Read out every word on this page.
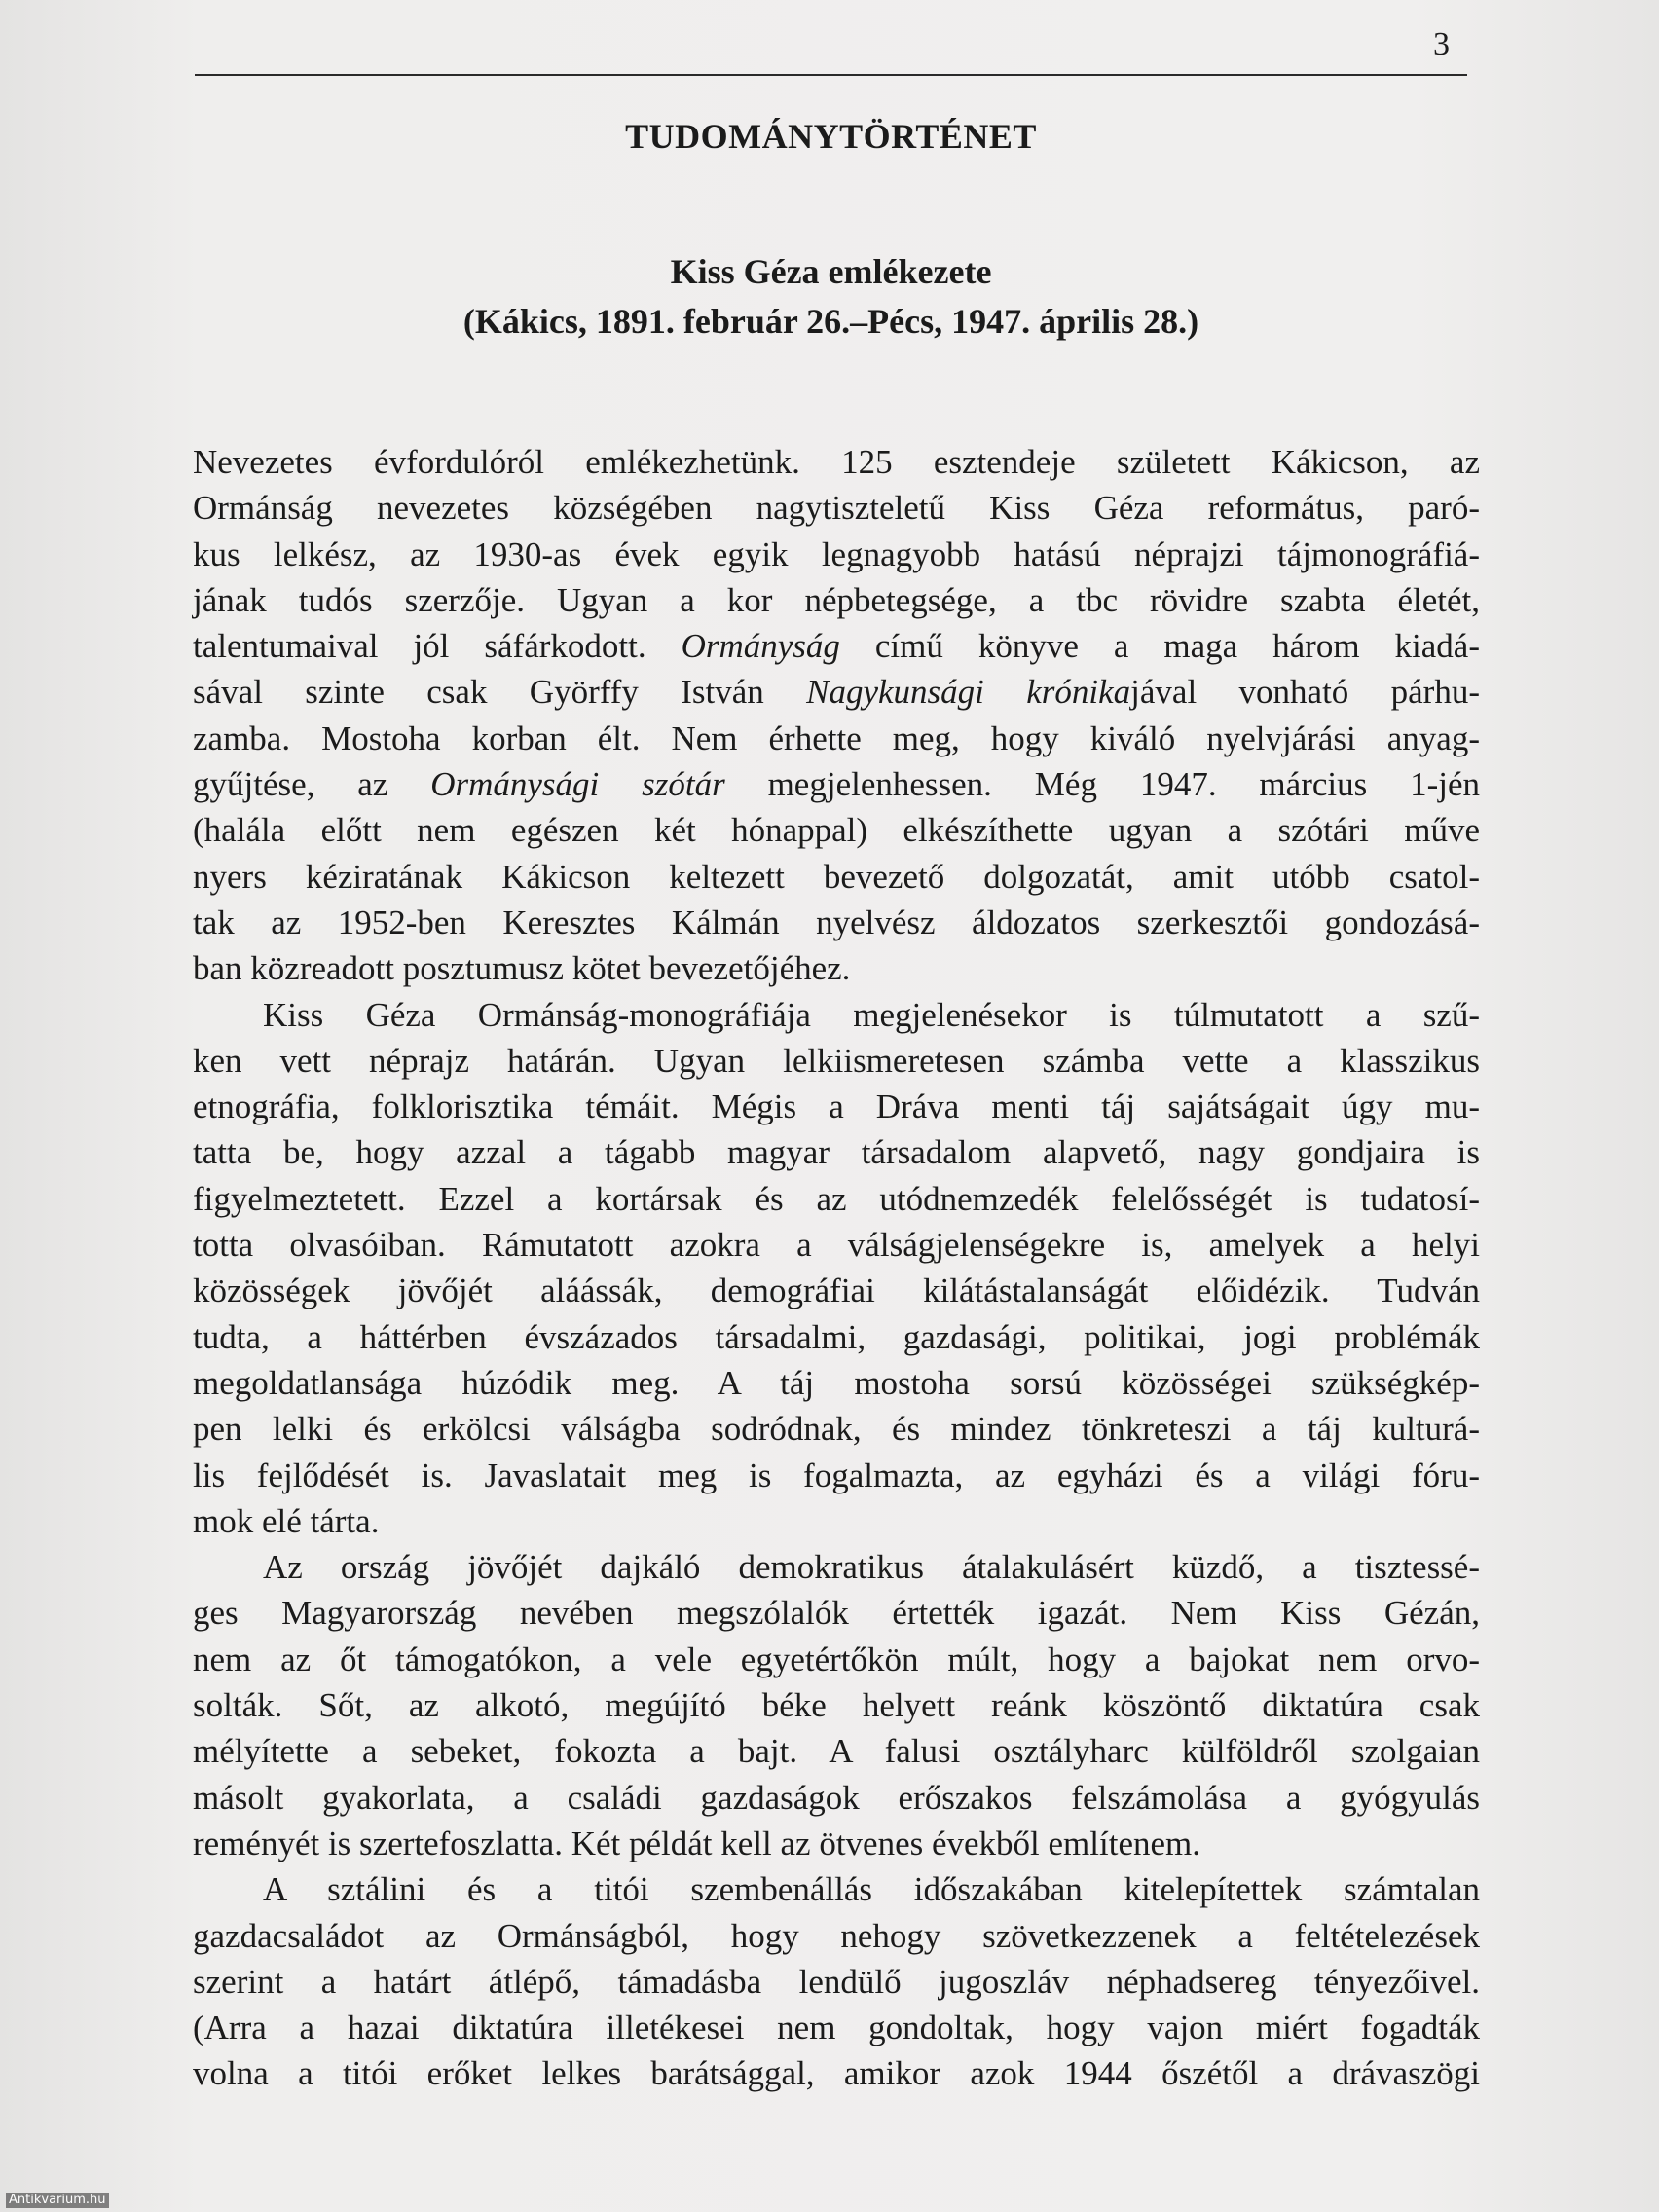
3
TUDOMÁNYTÖRTÉNET
Kiss Géza emlékezete
(Kákics, 1891. február 26.–Pécs, 1947. április 28.)
Nevezetes évfordulóról emlékezhetünk. 125 esztendeje született Kákicson, az
Ormánság nevezetes községében nagytiszteletű Kiss Géza református, paró-
kus lelkész, az 1930-as évek egyik legnagyobb hatású néprajzi tájmonográfiá-
jának tudós szerzője. Ugyan a kor népbetegsége, a tbc rövidre szabta életét,
talentumaival jól sáfárkodott. Ormányság című könyve a maga három kiadá-
sával szinte csak Györffy István Nagykunsági krónikajával vonható párhu-
zamba. Mostoha korban élt. Nem érhette meg, hogy kiváló nyelvjárási anyag-
gyűjtése, az Ormánysági szótár megjelenhessen. Még 1947. március 1-jén
(halála előtt nem egészen két hónappal) elkészíthette ugyan a szótári műve
nyers kéziratának Kákicson keltezett bevezető dolgozatát, amit utóbb csatol-
tak az 1952-ben Keresztes Kálmán nyelvész áldozatos szerkesztői gondozásá-
ban közreadott posztumusz kötet bevezetőjéhez.
Kiss Géza Ormánság-monográfiája megjelenésekor is túlmutatott a szű-
ken vett néprajz határán. Ugyan lelkiismeretesen számba vette a klasszikus
etnográfia, folklorisztika témáit. Mégis a Dráva menti táj sajátságait úgy mu-
tatta be, hogy azzal a tágabb magyar társadalom alapvető, nagy gondjaira is
figyelmeztetett. Ezzel a kortársak és az utódnemzedék felelősségét is tudatosí-
totta olvasóiban. Rámutatott azokra a válságjelenségekre is, amelyek a helyi
közösségek jövőjét aláássák, demográfiai kilátástalanságát előidézik. Tudván
tudta, a háttérben évszázados társadalmi, gazdasági, politikai, jogi problémák
megoldatlansága húzódik meg. A táj mostoha sorsú közösségei szükségkép-
pen lelki és erkölcsi válságba sodródnak, és mindez tönkreteszi a táj kulturá-
lis fejlődését is. Javaslatait meg is fogalmazta, az egyházi és a világi fóru-
mok elé tárta.
Az ország jövőjét dajkáló demokratikus átalakulásért küzdő, a tisztessé-
ges Magyarország nevében megszólalók értették igazát. Nem Kiss Gézán,
nem az őt támogatókon, a vele egyetértőkön múlt, hogy a bajokat nem orvo-
solták. Sőt, az alkotó, megújító béke helyett reánk köszöntő diktatúra csak
mélyítette a sebeket, fokozta a bajt. A falusi osztályharc külföldről szolgaian
másolt gyakorlata, a családi gazdaságok erőszakos felszámolása a gyógyulás
reményét is szertefoszlatta. Két példát kell az ötvenes évekből említenem.
A sztálini és a titói szembenállás időszakában kitelepítettek számtalan
gazdacsaládot az Ormánságból, hogy nehogy szövetkezzenek a feltételezések
szerint a határt átlépő, támadásba lendülő jugoszláv néphadsereg tényezőivel.
(Arra a hazai diktatúra illetékesei nem gondoltak, hogy vajon miért fogadták
volna a titói erőket lelkes barátsággal, amikor azok 1944 őszétől a drávaszögi
Antikvarium.hu
